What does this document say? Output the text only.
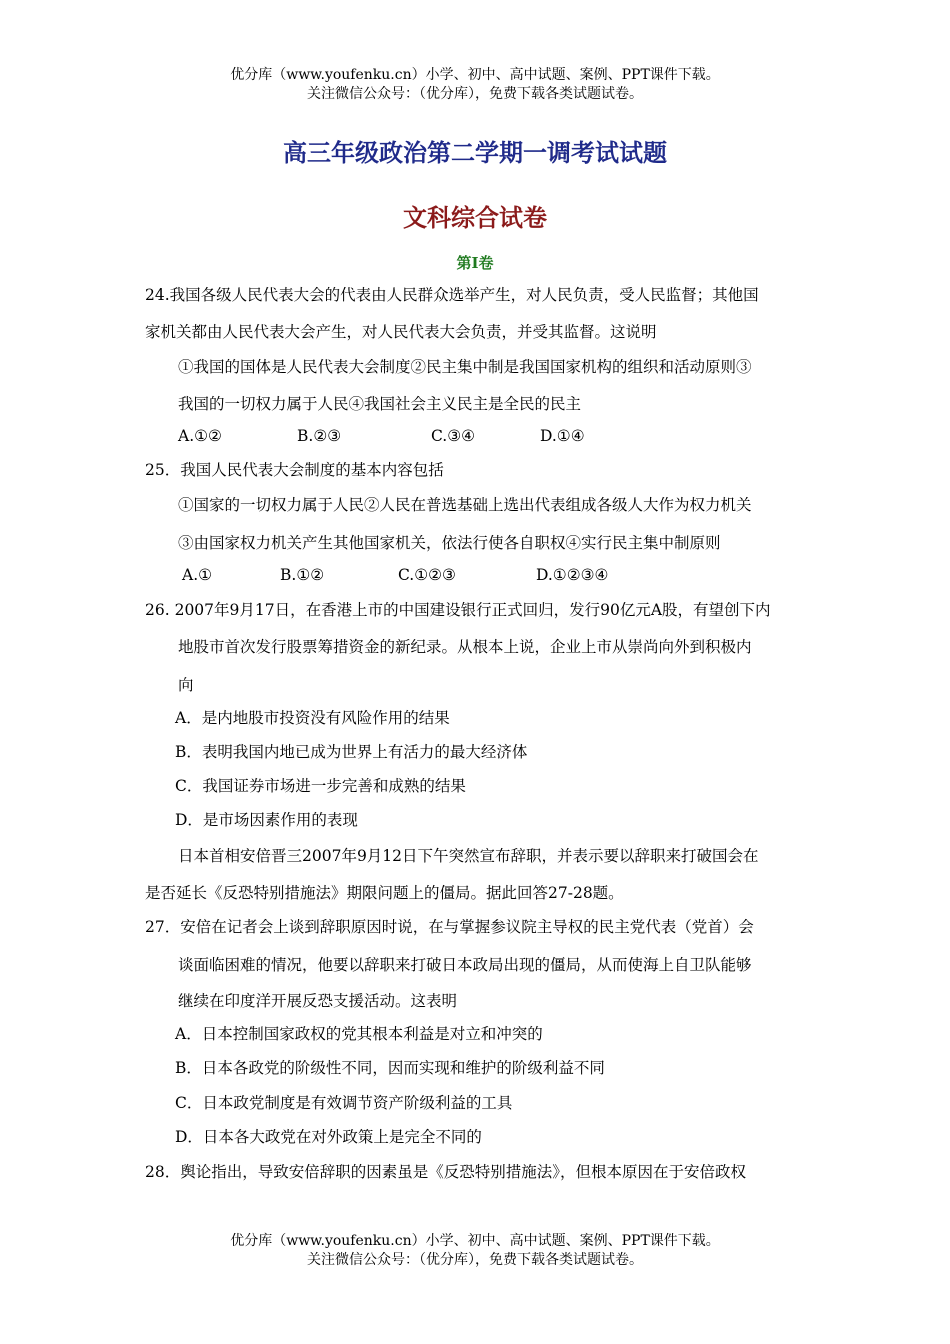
优分库（www.youfenku.cn）小学、初中、高中试题、案例、PPT课件下载。
关注微信公众号：（优分库），免费下载各类试题试卷。
高三年级政治第二学期一调考试试题
文科综合试卷
第Ⅰ卷
24.我国各级人民代表大会的代表由人民群众选举产生，对人民负责，受人民监督；其他国
家机关都由人民代表大会产生，对人民代表大会负责，并受其监督。这说明
①我国的国体是人民代表大会制度②民主集中制是我国国家机构的组织和活动原则③
我国的一切权力属于人民④我国社会主义民主是全民的民主
A.①②	B.②③	C.③④	D.①④
25．我国人民代表大会制度的基本内容包括
①国家的一切权力属于人民②人民在普选基础上选出代表组成各级人大作为权力机关
③由国家权力机关产生其他国家机关，依法行使各自职权④实行民主集中制原则
A.①	B.①②	C.①②③	D.①②③④
26. 2007年9月17日，在香港上市的中国建设银行正式回归，发行90亿元A股，有望创下内
地股市首次发行股票筹措资金的新纪录。从根本上说，企业上市从崇尚向外到积极内
向
A．是内地股市投资没有风险作用的结果
B．表明我国内地已成为世界上有活力的最大经济体
C．我国证券市场进一步完善和成熟的结果
D．是市场因素作用的表现
日本首相安倍晋三2007年9月12日下午突然宣布辞职，并表示要以辞职来打破国会在
是否延长《反恐特别措施法》期限问题上的僵局。据此回答27-28题。
27．安倍在记者会上谈到辞职原因时说，在与掌握参议院主导权的民主党代表（党首）会
谈面临困难的情况，他要以辞职来打破日本政局出现的僵局，从而使海上自卫队能够
继续在印度洋开展反恐支援活动。这表明
A．日本控制国家政权的党其根本利益是对立和冲突的
B．日本各政党的阶级性不同，因而实现和维护的阶级利益不同
C．日本政党制度是有效调节资产阶级利益的工具
D．日本各大政党在对外政策上是完全不同的
28．舆论指出，导致安倍辞职的因素虽是《反恐特别措施法》，但根本原因在于安倍政权
优分库（www.youfenku.cn）小学、初中、高中试题、案例、PPT课件下载。
关注微信公众号：（优分库），免费下载各类试题试卷。
